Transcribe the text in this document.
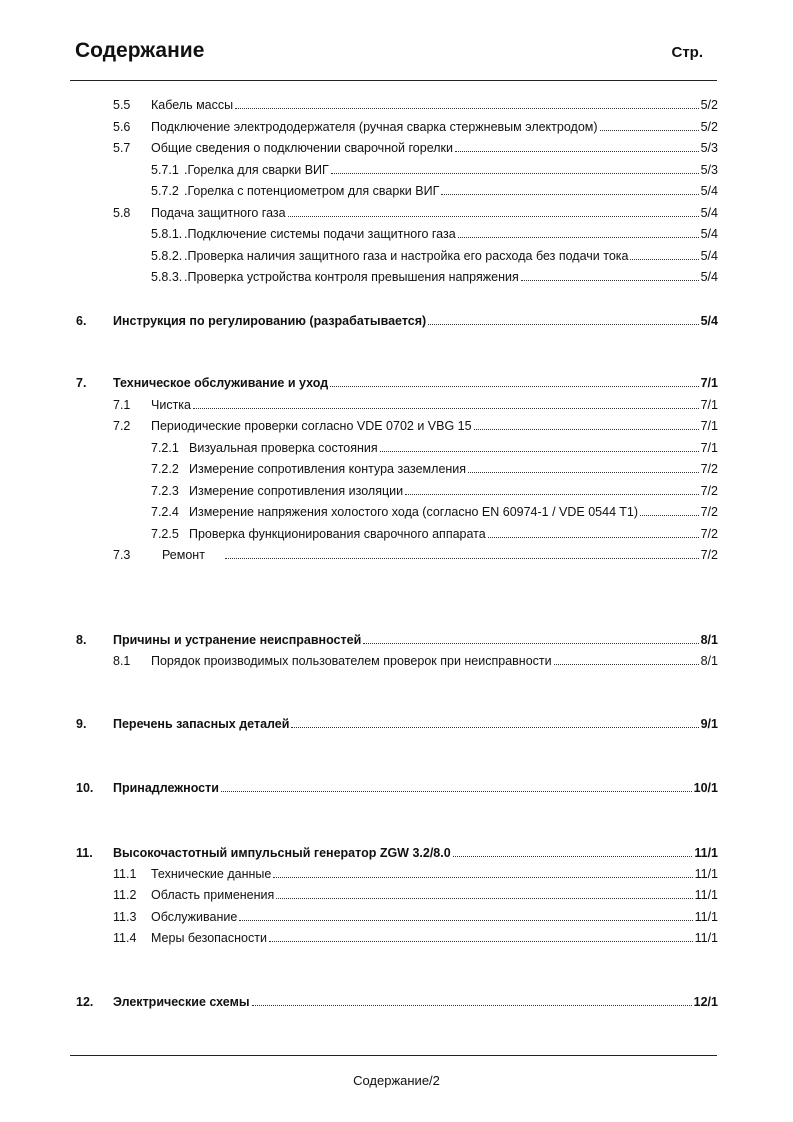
Содержание	Стр.
5.5 Кабель массы	5/2
5.6 Подключение электрододержателя (ручная сварка стержневым электродом)	5/2
5.7 Общие сведения о подключении сварочной горелки	5/3
5.7.1 .Горелка для сварки ВИГ	5/3
5.7.2 .Горелка с потенциометром для сварки ВИГ	5/4
5.8 Подача защитного газа	5/4
5.8.1. .Подключение системы подачи защитного газа	5/4
5.8.2. .Проверка наличия защитного газа и настройка его расхода без подачи тока	5/4
5.8.3. .Проверка устройства контроля превышения напряжения	5/4
6. Инструкция по регулированию (разрабатывается)	5/4
7. Техническое обслуживание и уход	7/1
7.1 Чистка	7/1
7.2 Периодические проверки согласно VDE 0702 и VBG 15	7/1
7.2.1 Визуальная проверка состояния	7/1
7.2.2 Измерение сопротивления контура заземления	7/2
7.2.3 Измерение сопротивления изоляции	7/2
7.2.4 Измерение напряжения холостого хода (согласно EN 60974-1 / VDE 0544 T1)	7/2
7.2.5 Проверка функционирования сварочного аппарата	7/2
7.3	Ремонт	7/2
8. Причины и устранение неисправностей	8/1
8.1 Порядок производимых пользователем проверок при неисправности	8/1
9. Перечень запасных деталей	9/1
10. Принадлежности	10/1
11. Высокочастотный импульсный генератор ZGW 3.2/8.0	11/1
11.1 Технические данные	11/1
11.2 Область применения	11/1
11.3 Обслуживание	11/1
11.4 Меры безопасности	11/1
12. Электрические схемы	12/1
Содержание/2
